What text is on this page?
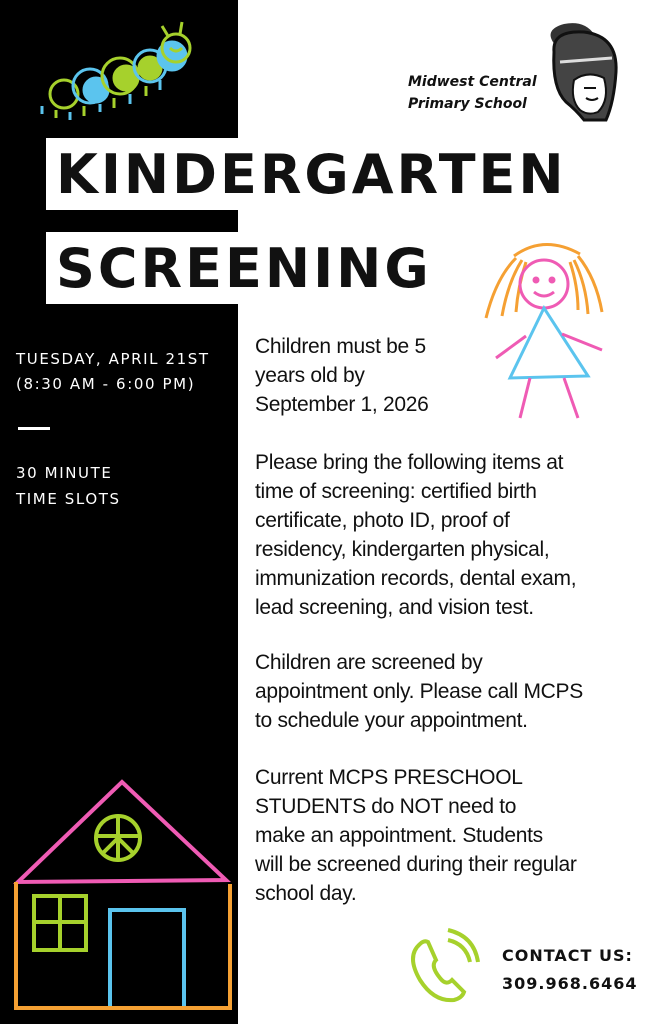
Midwest Central
Primary School
KINDERGARTEN
SCREENING
TUESDAY, APRIL 21ST
(8:30 AM - 6:00 PM)
30 MINUTE
TIME SLOTS
Children must be 5
years old by
September 1, 2026
Please bring the following items at
time of screening: certified birth
certificate, photo ID, proof of
residency, kindergarten physical,
immunization records, dental exam,
lead screening, and vision test.
Children are screened by
appointment only. Please call MCPS
to schedule your appointment.
Current MCPS PRESCHOOL
STUDENTS do NOT need to
make an appointment. Students
will be screened during their regular
school day.
CONTACT US:
309.968.6464
